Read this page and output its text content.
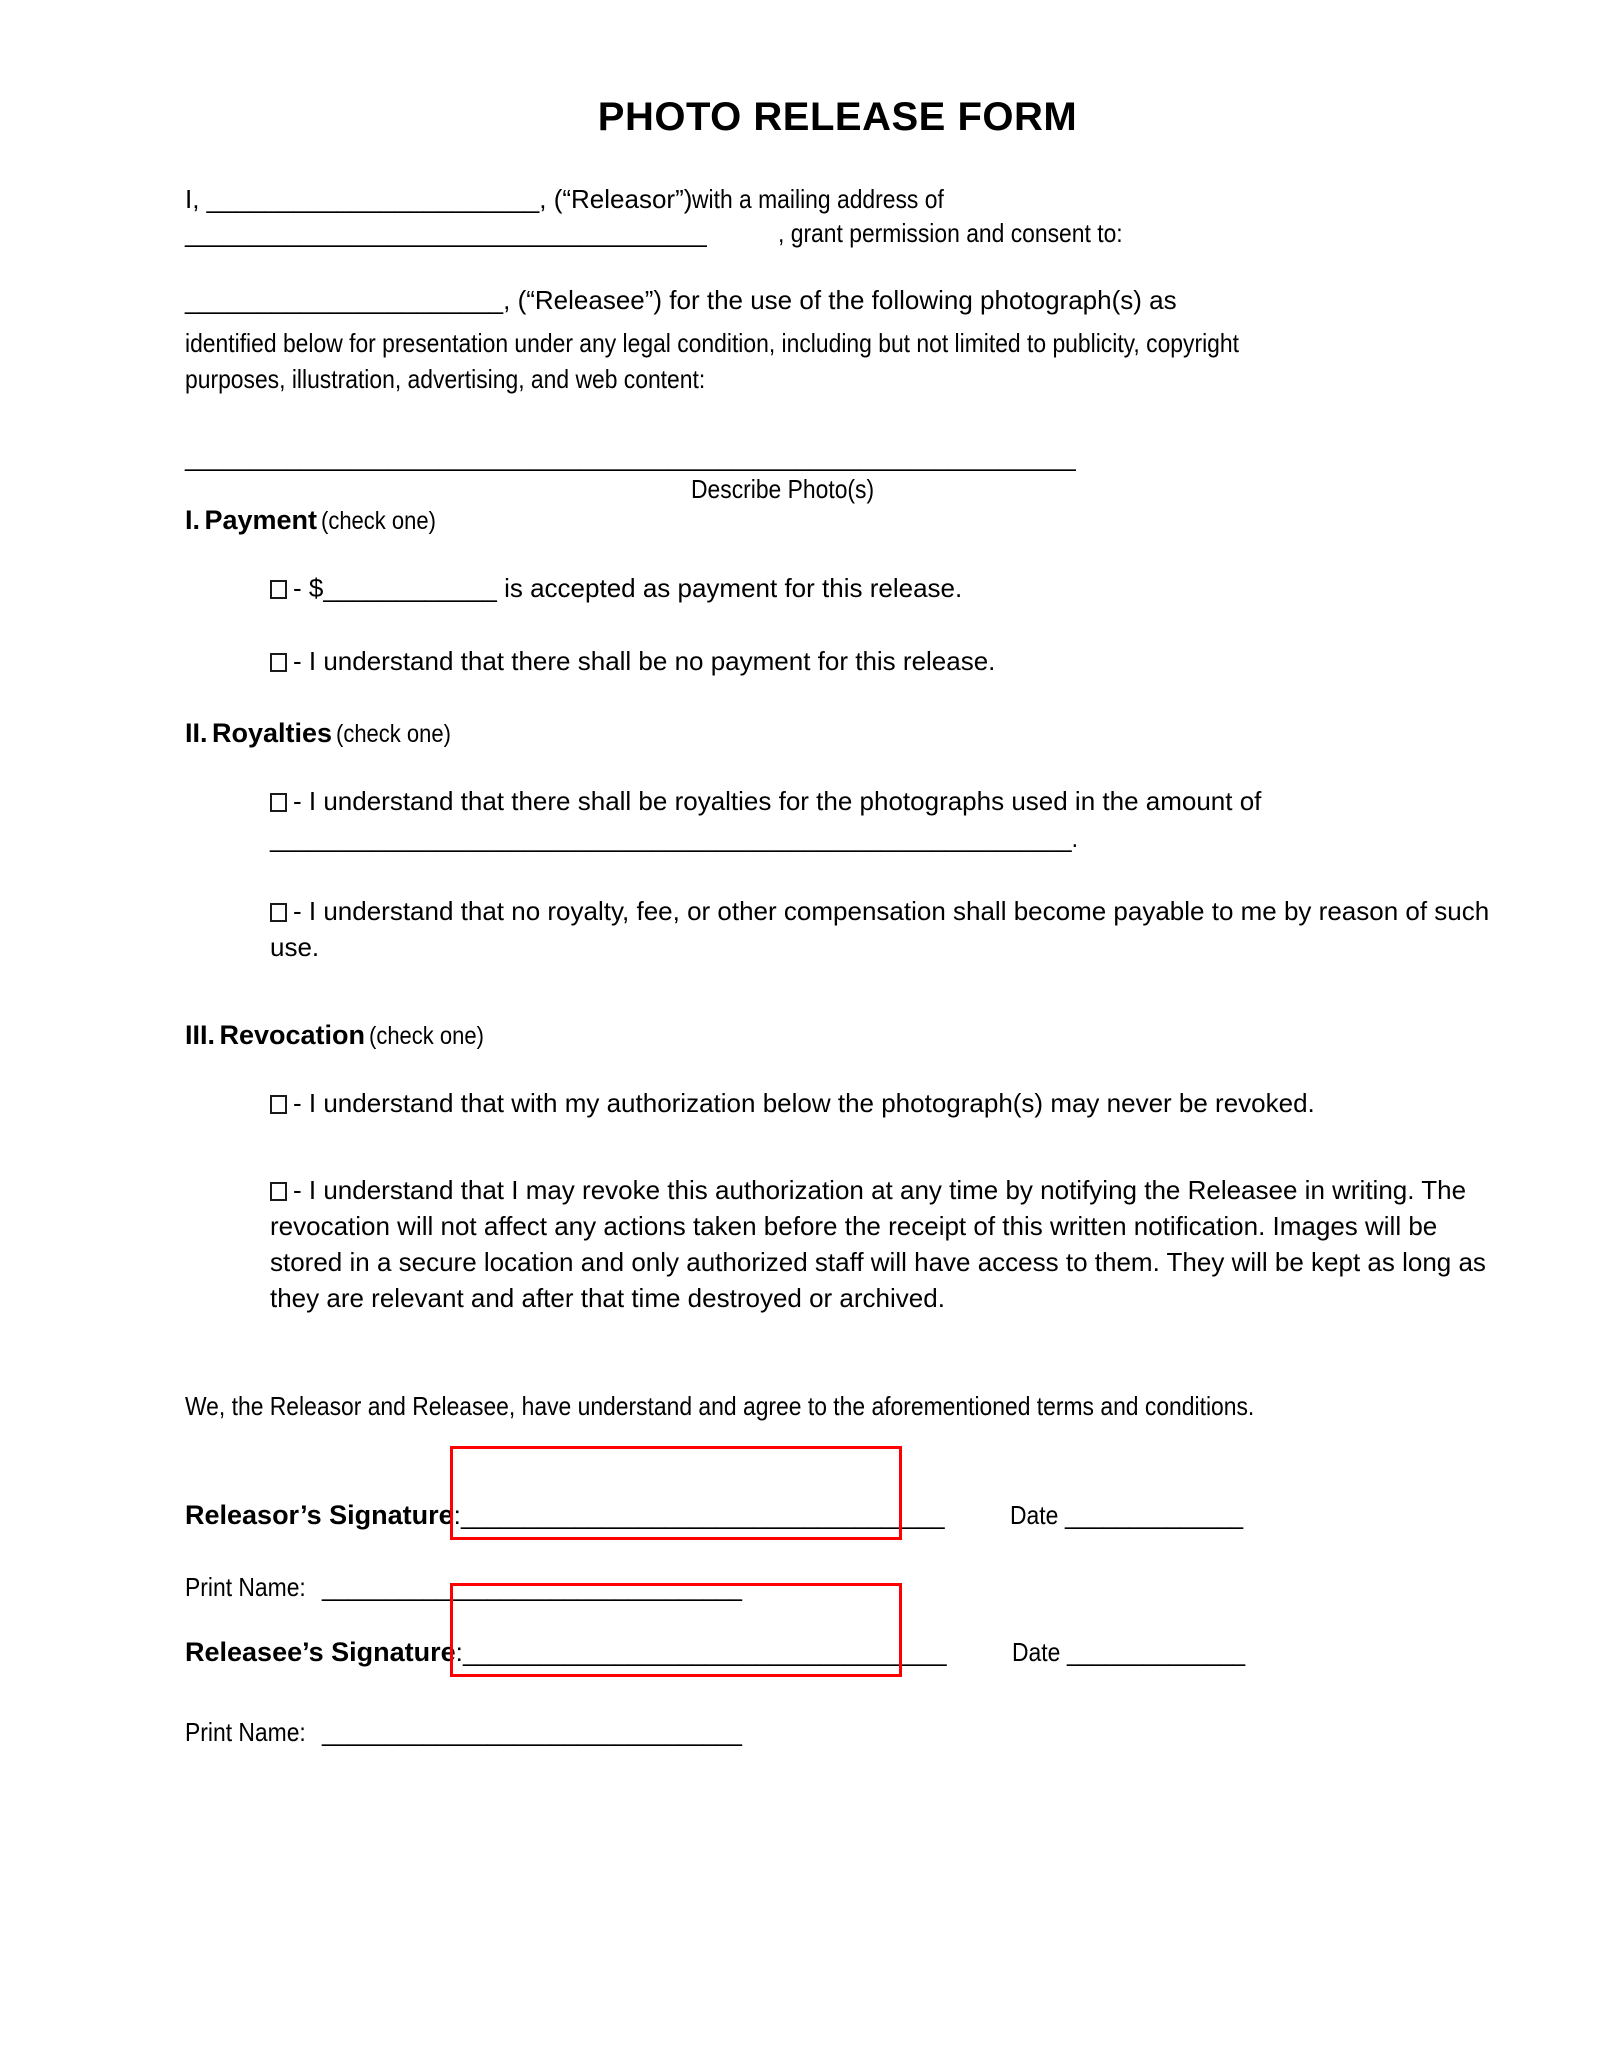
PHOTO RELEASE FORM
I, _______________________, (“Releasor”)with a mailing address of
_________________________________________	, grant permission and consent to:
______________________, (“Releasee”) for the use of the following photograph(s) as
identified below for presentation under any legal condition, including but not limited to publicity, copyright purposes, illustration, advertising, and web content:
______________________________________________________________________
Describe Photo(s)
I. Payment (check one)
- $____________ is accepted as payment for this release.
- I understand that there shall be no payment for this release.
II. Royalties (check one)
- I understand that there shall be royalties for the photographs used in the amount of
_______________________________________________________________.
- I understand that no royalty, fee, or other compensation shall become payable to me by reason of such use.
III. Revocation (check one)
- I understand that with my authorization below the photograph(s) may never be revoked.
- I understand that I may revoke this authorization at any time by notifying the Releasee in writing. The revocation will not affect any actions taken before the receipt of this written notification. Images will be stored in a secure location and only authorized staff will have access to them. They will be kept as long as they are relevant and after that time destroyed or archived.
We, the Releasor and Releasee, have understand and agree to the aforementioned terms and conditions.
Releasor’s Signature:______________________________________	Date ______________
Print Name: _________________________________
Releasee’s Signature:______________________________________	Date ______________
Print Name: _________________________________
